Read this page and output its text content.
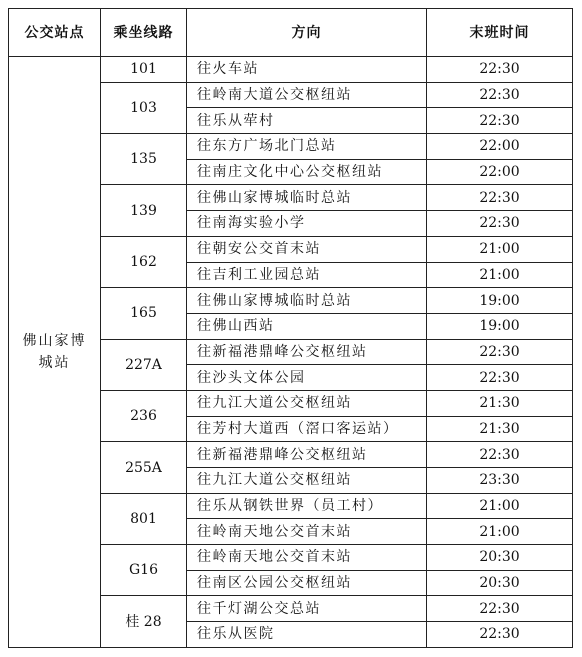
公交站点	乘坐线路	方向	末班时间
佛山家博城站	101	往火车站	22:30
	103	往岭南大道公交枢纽站	22:30
		往乐从荦村	22:30
	135	往东方广场北门总站	22:00
		往南庄文化中心公交枢纽站	22:00
	139	往佛山家博城临时总站	22:30
		往南海实验小学	22:30
	162	往朝安公交首末站	21:00
		往吉利工业园总站	21:00
	165	往佛山家博城临时总站	19:00
		往佛山西站	19:00
	227A	往新福港鼎峰公交枢纽站	22:30
		往沙头文体公园	22:30
	236	往九江大道公交枢纽站	21:30
		往芳村大道西（滘口客运站）	21:30
	255A	往新福港鼎峰公交枢纽站	22:30
		往九江大道公交枢纽站	23:30
	801	往乐从钢铁世界（员工村）	21:00
		往岭南天地公交首末站	21:00
	G16	往岭南天地公交首末站	20:30
		往南区公园公交枢纽站	20:30
	桂 28	往千灯湖公交总站	22:30
		往乐从医院	22:30
